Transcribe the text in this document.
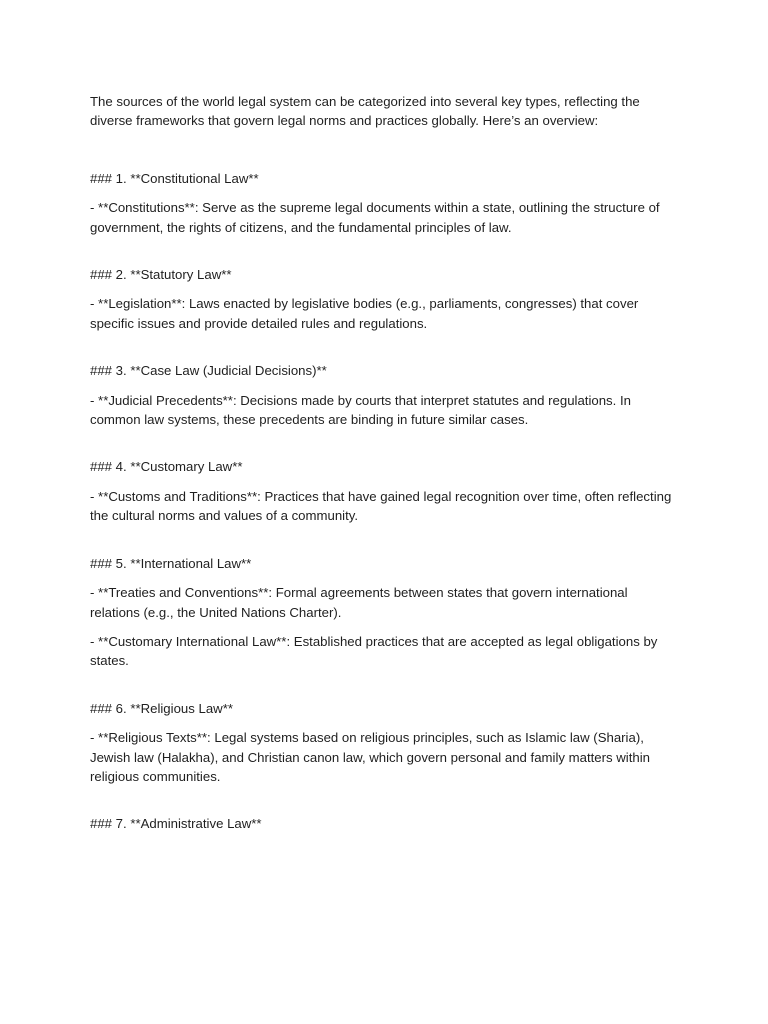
The sources of the world legal system can be categorized into several key types, reflecting the diverse frameworks that govern legal norms and practices globally. Here’s an overview:

### 1. **Constitutional Law**

- **Constitutions**: Serve as the supreme legal documents within a state, outlining the structure of government, the rights of citizens, and the fundamental principles of law.

### 2. **Statutory Law**

- **Legislation**: Laws enacted by legislative bodies (e.g., parliaments, congresses) that cover specific issues and provide detailed rules and regulations.

### 3. **Case Law (Judicial Decisions)**

- **Judicial Precedents**: Decisions made by courts that interpret statutes and regulations. In common law systems, these precedents are binding in future similar cases.

### 4. **Customary Law**

- **Customs and Traditions**: Practices that have gained legal recognition over time, often reflecting the cultural norms and values of a community.

### 5. **International Law**

- **Treaties and Conventions**: Formal agreements between states that govern international relations (e.g., the United Nations Charter).

- **Customary International Law**: Established practices that are accepted as legal obligations by states.

### 6. **Religious Law**

- **Religious Texts**: Legal systems based on religious principles, such as Islamic law (Sharia), Jewish law (Halakha), and Christian canon law, which govern personal and family matters within religious communities.

### 7. **Administrative Law**
